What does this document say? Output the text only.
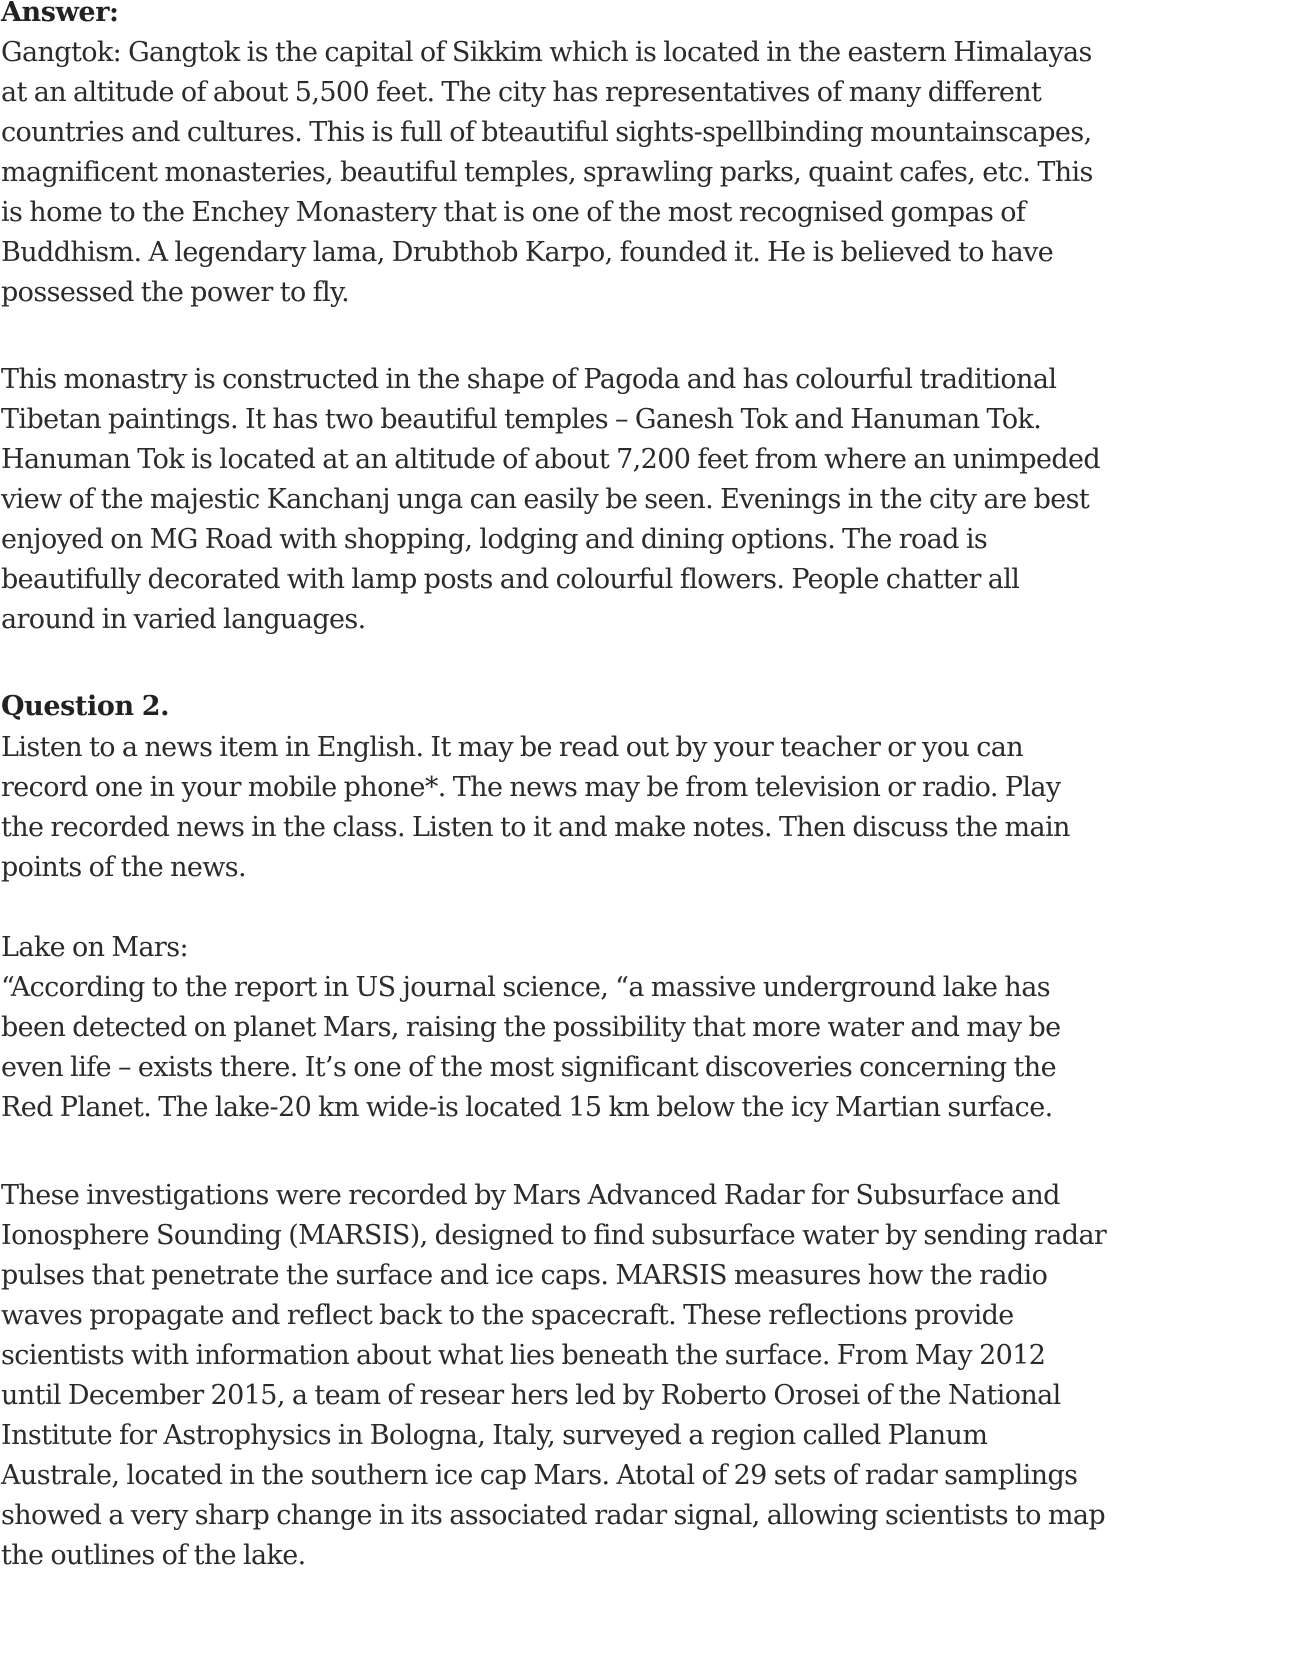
Answer:
Gangtok: Gangtok is the capital of Sikkim which is located in the eastern Himalayas
at an altitude of about 5,500 feet. The city has representatives of many different
countries and cultures. This is full of bteautiful sights-spellbinding mountainscapes,
magnificent monasteries, beautiful temples, sprawling parks, quaint cafes, etc. This
is home to the Enchey Monastery that is one of the most recognised gompas of
Buddhism. A legendary lama, Drubthob Karpo, founded it. He is believed to have
possessed the power to fly.
This monastry is constructed in the shape of Pagoda and has colourful traditional
Tibetan paintings. It has two beautiful temples – Ganesh Tok and Hanuman Tok.
Hanuman Tok is located at an altitude of about 7,200 feet from where an unimpeded
view of the majestic Kanchanj unga can easily be seen. Evenings in the city are best
enjoyed on MG Road with shopping, lodging and dining options. The road is
beautifully decorated with lamp posts and colourful flowers. People chatter all
around in varied languages.
Question 2.
Listen to a news item in English. It may be read out by your teacher or you can
record one in your mobile phone*. The news may be from television or radio. Play
the recorded news in the class. Listen to it and make notes. Then discuss the main
points of the news.
Lake on Mars:
“According to the report in US journal science, “a massive underground lake has
been detected on planet Mars, raising the possibility that more water and may be
even life – exists there. It’s one of the most significant discoveries concerning the
Red Planet. The lake-20 km wide-is located 15 km below the icy Martian surface.
These investigations were recorded by Mars Advanced Radar for Subsurface and
Ionosphere Sounding (MARSIS), designed to find subsurface water by sending radar
pulses that penetrate the surface and ice caps. MARSIS measures how the radio
waves propagate and reflect back to the spacecraft. These reflections provide
scientists with information about what lies beneath the surface. From May 2012
until December 2015, a team of resear hers led by Roberto Orosei of the National
Institute for Astrophysics in Bologna, Italy, surveyed a region called Planum
Australe, located in the southern ice cap Mars. Atotal of 29 sets of radar samplings
showed a very sharp change in its associated radar signal, allowing scientists to map
the outlines of the lake.
